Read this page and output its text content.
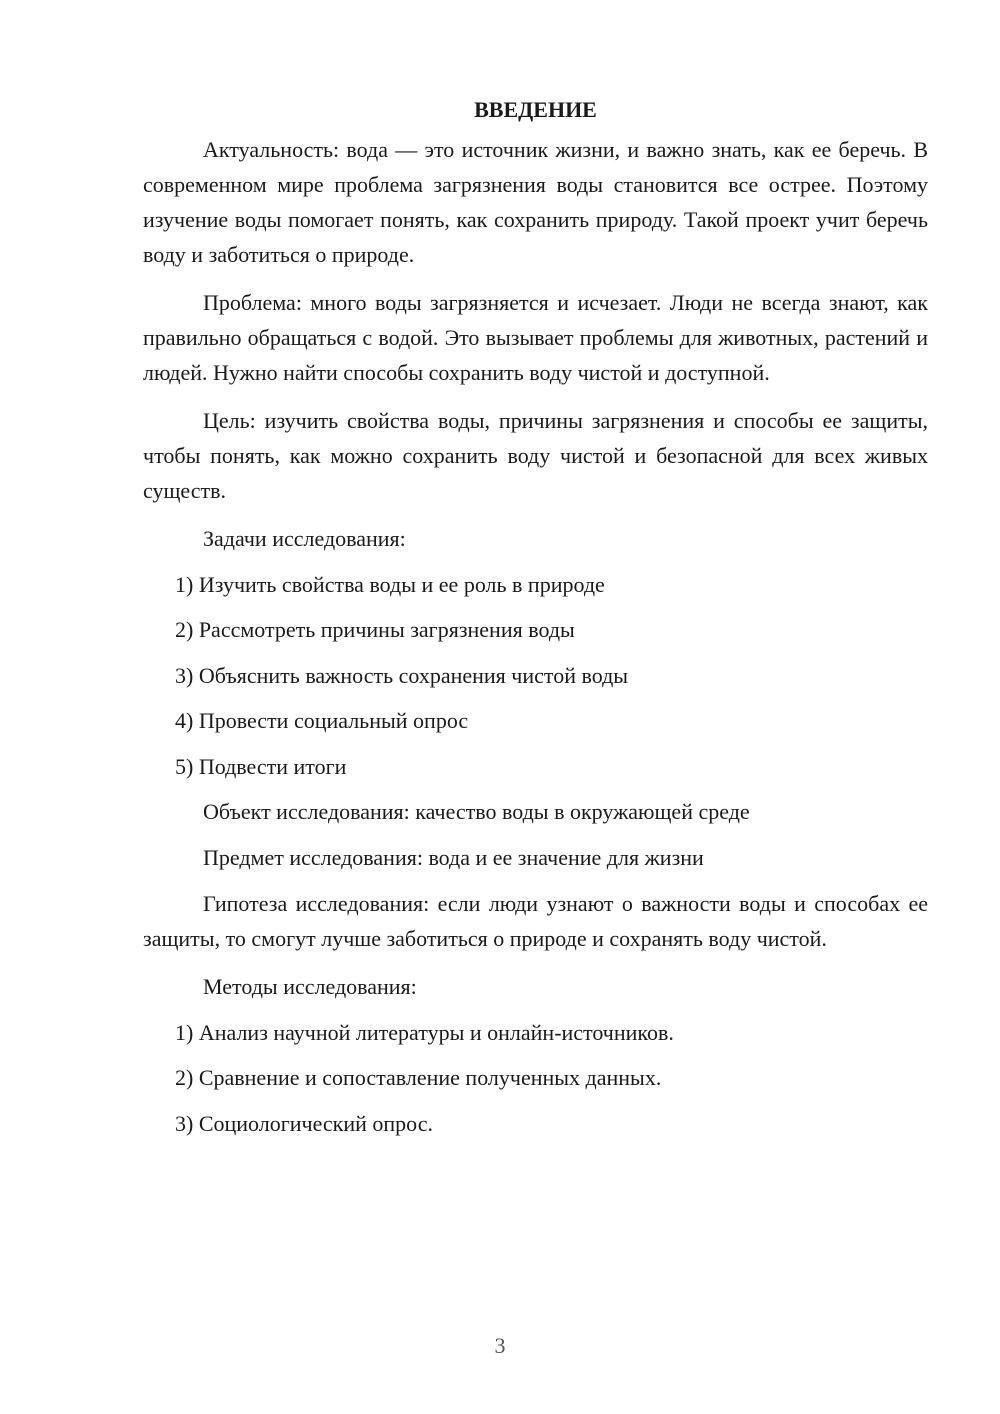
ВВЕДЕНИЕ

Актуальность: вода — это источник жизни, и важно знать, как ее беречь. В современном мире проблема загрязнения воды становится все острее. Поэтому изучение воды помогает понять, как сохранить природу. Такой проект учит беречь воду и заботиться о природе.

Проблема: много воды загрязняется и исчезает. Люди не всегда знают, как правильно обращаться с водой. Это вызывает проблемы для животных, растений и людей. Нужно найти способы сохранить воду чистой и доступной.

Цель: изучить свойства воды, причины загрязнения и способы ее защиты, чтобы понять, как можно сохранить воду чистой и безопасной для всех живых существ.

Задачи исследования:

1) Изучить свойства воды и ее роль в природе
2) Рассмотреть причины загрязнения воды
3) Объяснить важность сохранения чистой воды
4) Провести социальный опрос
5) Подвести итоги

Объект исследования: качество воды в окружающей среде

Предмет исследования: вода и ее значение для жизни

Гипотеза исследования: если люди узнают о важности воды и способах ее защиты, то смогут лучше заботиться о природе и сохранять воду чистой.

Методы исследования:

1) Анализ научной литературы и онлайн-источников.
2) Сравнение и сопоставление полученных данных.
3) Социологический опрос.
3
